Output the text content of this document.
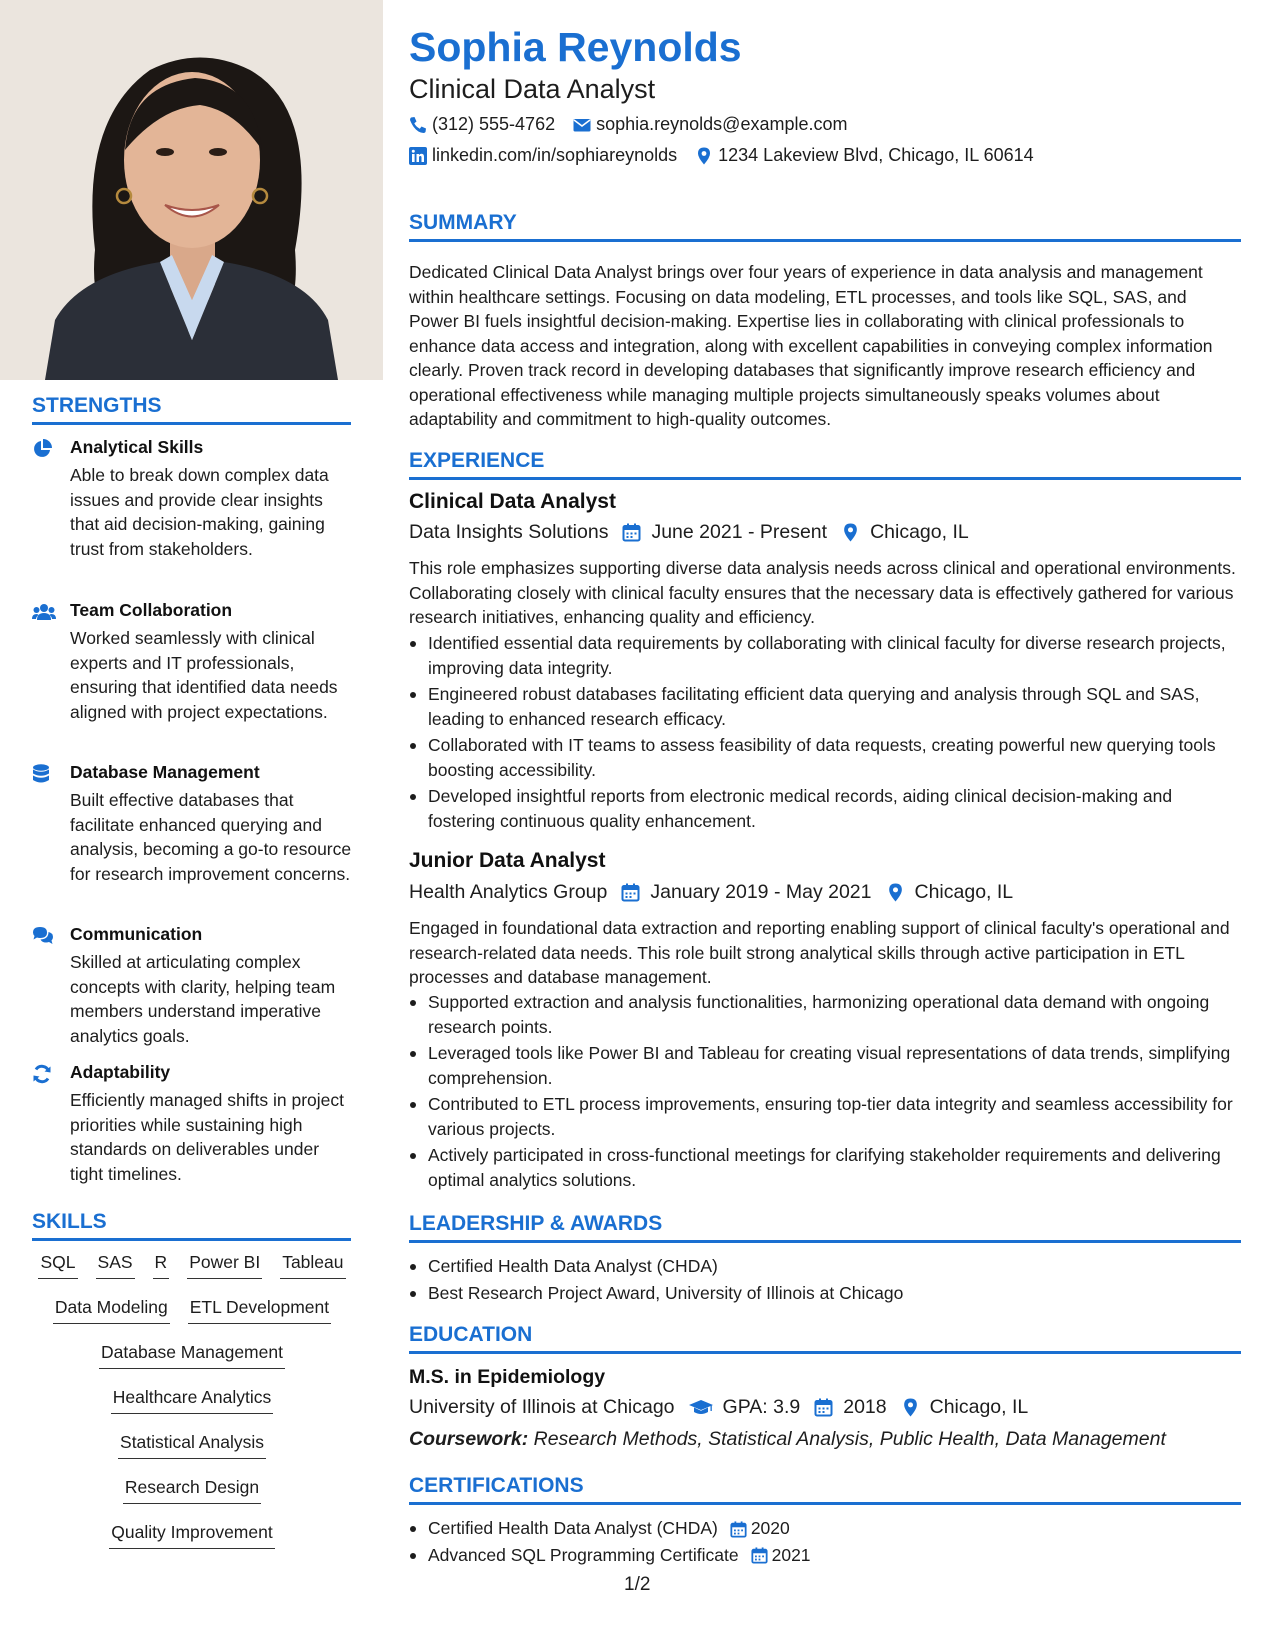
STRENGTHS
Analytical Skills
Able to break down complex data issues and provide clear insights that aid decision-making, gaining trust from stakeholders.
Team Collaboration
Worked seamlessly with clinical experts and IT professionals, ensuring that identified data needs aligned with project expectations.
Database Management
Built effective databases that facilitate enhanced querying and analysis, becoming a go-to resource for research improvement concerns.
Communication
Skilled at articulating complex concepts with clarity, helping team members understand imperative analytics goals.
Adaptability
Efficiently managed shifts in project priorities while sustaining high standards on deliverables under tight timelines.
SKILLS
SQL SAS R Power BI Tableau
Data Modeling ETL Development
Database Management
Healthcare Analytics
Statistical Analysis
Research Design
Quality Improvement
Sophia Reynolds
Clinical Data Analyst
(312) 555-4762 sophia.reynolds@example.com
linkedin.com/in/sophiareynolds 1234 Lakeview Blvd, Chicago, IL 60614
SUMMARY
Dedicated Clinical Data Analyst brings over four years of experience in data analysis and management within healthcare settings. Focusing on data modeling, ETL processes, and tools like SQL, SAS, and Power BI fuels insightful decision-making. Expertise lies in collaborating with clinical professionals to enhance data access and integration, along with excellent capabilities in conveying complex information clearly. Proven track record in developing databases that significantly improve research efficiency and operational effectiveness while managing multiple projects simultaneously speaks volumes about adaptability and commitment to high-quality outcomes.
EXPERIENCE
Clinical Data Analyst
Data Insights Solutions June 2021 - Present Chicago, IL
This role emphasizes supporting diverse data analysis needs across clinical and operational environments. Collaborating closely with clinical faculty ensures that the necessary data is effectively gathered for various research initiatives, enhancing quality and efficiency.
Identified essential data requirements by collaborating with clinical faculty for diverse research projects, improving data integrity.
Engineered robust databases facilitating efficient data querying and analysis through SQL and SAS, leading to enhanced research efficacy.
Collaborated with IT teams to assess feasibility of data requests, creating powerful new querying tools boosting accessibility.
Developed insightful reports from electronic medical records, aiding clinical decision-making and fostering continuous quality enhancement.
Junior Data Analyst
Health Analytics Group January 2019 - May 2021 Chicago, IL
Engaged in foundational data extraction and reporting enabling support of clinical faculty's operational and research-related data needs. This role built strong analytical skills through active participation in ETL processes and database management.
Supported extraction and analysis functionalities, harmonizing operational data demand with ongoing research points.
Leveraged tools like Power BI and Tableau for creating visual representations of data trends, simplifying comprehension.
Contributed to ETL process improvements, ensuring top-tier data integrity and seamless accessibility for various projects.
Actively participated in cross-functional meetings for clarifying stakeholder requirements and delivering optimal analytics solutions.
LEADERSHIP & AWARDS
Certified Health Data Analyst (CHDA)
Best Research Project Award, University of Illinois at Chicago
EDUCATION
M.S. in Epidemiology
University of Illinois at Chicago GPA: 3.9 2018 Chicago, IL
Coursework: Research Methods, Statistical Analysis, Public Health, Data Management
CERTIFICATIONS
Certified Health Data Analyst (CHDA) 2020
Advanced SQL Programming Certificate 2021
1/2
